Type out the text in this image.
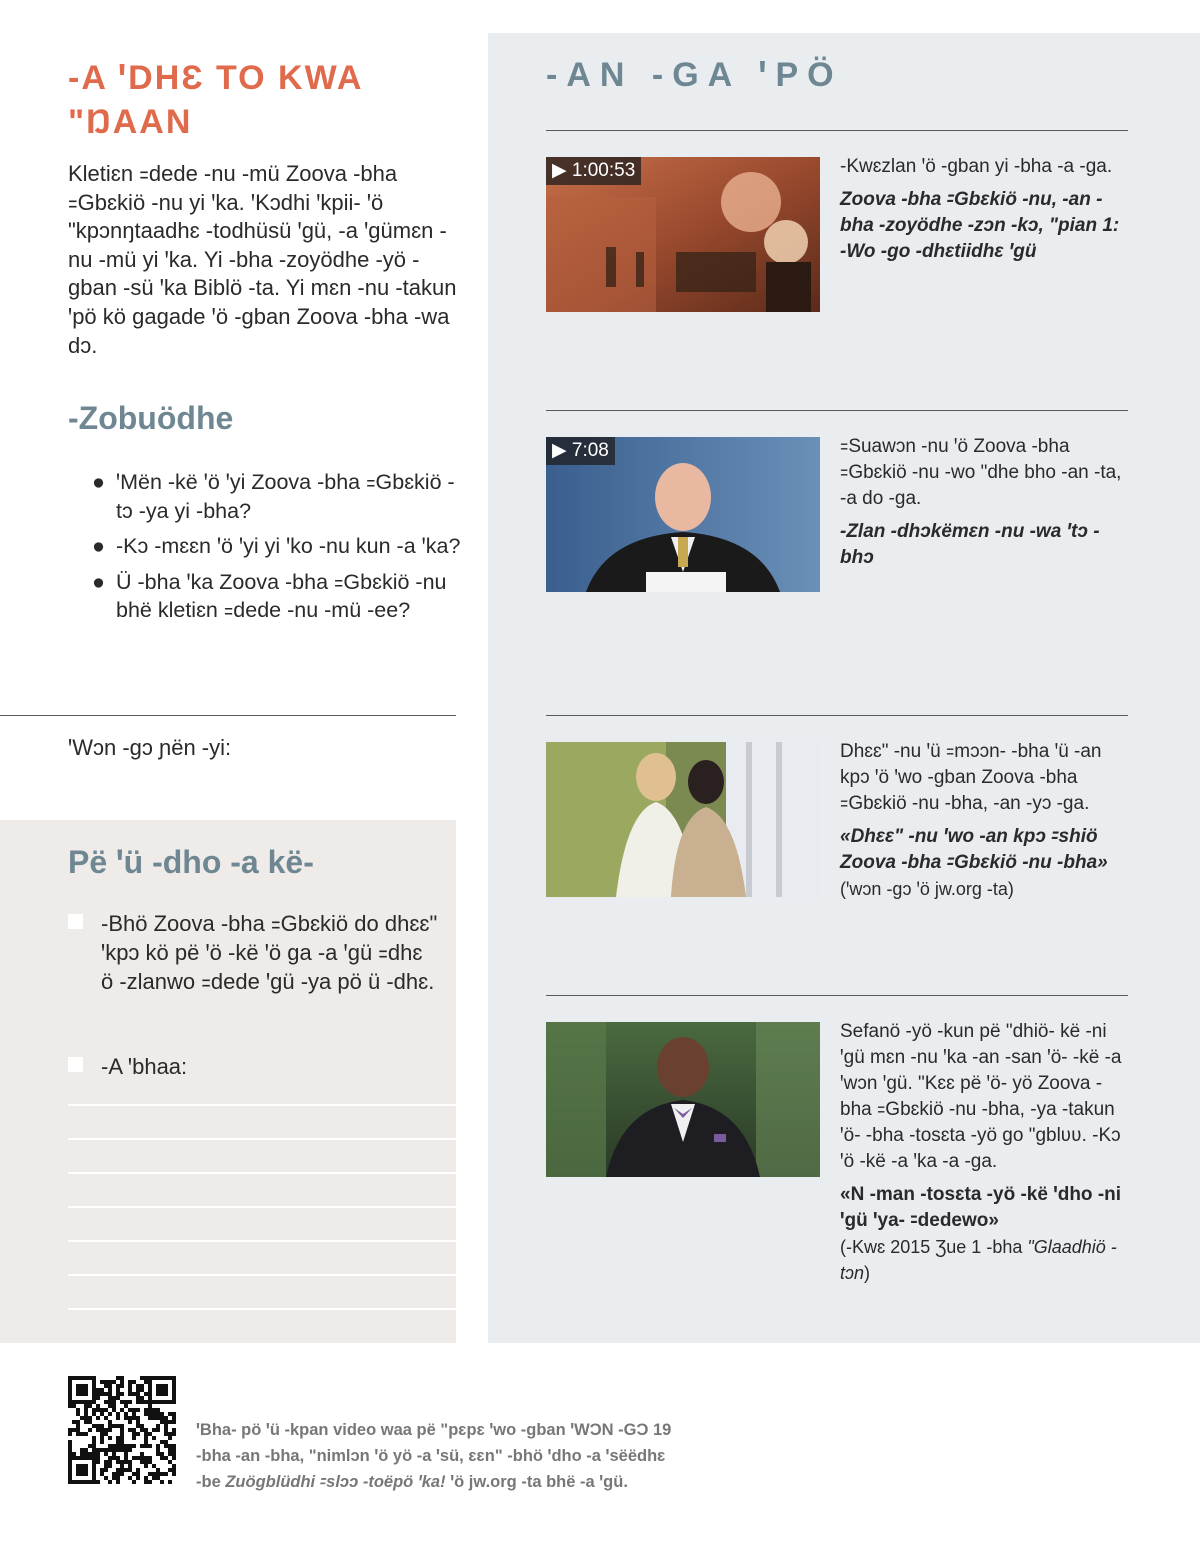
-A ꞌDHƐ TO KWA "ŊAAN

Kletiɛn ꞊dede -nu -mü Zoova -bha ꞊Gbɛkiö -nu yi ꞌka. ꞌKɔdhi ꞌkpii- ꞌö "kpɔnŋtaadhɛ -todhüsü ꞌgü, -a ꞌgümɛn -nu -mü yi ꞌka. Yi -bha -zoyödhe -yö -gban -sü ꞌka Biblö -ta. Yi mɛn -nu -takun ꞌpö kö gagade ꞌö -gban Zoova -bha -wa dɔ.

-Zobuödhe
● ꞌMën -kë ꞌö ꞌyi Zoova -bha ꞊Gbɛkiö -tɔ -ya yi -bha?
● -Kɔ -mɛɛn ꞌö ꞌyi yi ꞌko -nu kun -a ꞌka?
● Ü -bha ꞌka Zoova -bha ꞊Gbɛkiö -nu bhë kletiɛn ꞊dede -nu -mü -ee?

ꞌWɔn -gɔ ɲën -yi:

Pë ꞌü -dho -a kë-
-Bhö Zoova -bha ꞊Gbɛkiö do dhɛɛ" ꞌkpɔ kö pë ꞌö -kë ꞌö ga -a ꞌgü ꞊dhɛ ö -zlanwo ꞊dede ꞌgü -ya pö ü -dhɛ.
-A ꞌbhaa:
-AN -GA ꞌPÖ
▶ 1:00:53	-Kwɛzlan ꞌö -gban yi -bha -a -ga.

Zoova -bha ꞊Gbɛkiö -nu, -an -bha -zoyödhe -zɔn -kɔ, "pian 1: -Wo -go -dhɛtiidhɛ ꞌgü

▶ 7:08	꞊Suawɔn -nu ꞌö Zoova -bha ꞊Gbɛkiö -nu -wo "dhe bho -an -ta, -a do -ga.

-Zlan -dhɔkëmɛn -nu -wa ꞌtɔ -bhɔ

Dhɛɛ" -nu ꞌü ꞊mɔɔn- -bha ꞌü -an kpɔ ꞌö ꞌwo -gban Zoova -bha ꞊Gbɛkiö -nu -bha, -an -yɔ -ga.

«Dhɛɛ" -nu ꞌwo -an kpɔ ꞊shiö Zoova -bha ꞊Gbɛkiö -nu -bha»

(ꞌwɔn -gɔ ꞌö jw.org -ta)

Sefanö -yö -kun pë "dhiö- kë -ni ꞌgü mɛn -nu ꞌka -an -san ꞌö- -kë -a ꞌwɔn ꞌgü. "Kɛɛ pë ꞌö- yö Zoova -bha ꞊Gbɛkiö -nu -bha, -ya -takun ꞌö- -bha -tosɛta -yö go "gblʋʋ. -Kɔ ꞌö -kë -a ꞌka -a -ga.

«N -man -tosɛta -yö -kë ꞌdho -ni ꞌgü ꞌya- ꞊dedewo»

(-Kwɛ 2015 Ʒue 1 -bha "Glaadhiö -tɔn)

ꞌBha- pö ꞌü -kpan video waa pë "pɛpɛ ꞌwo -gban ꞌWƆN -GƆ 19
-bha -an -bha, "nimlɔn ꞌö yö -a ꞌsü, ɛɛn" -bhö ꞌdho -a ꞌsëëdhɛ
-be Zuögblüdhi ꞊slɔɔ -toëpö ꞌka! ꞌö jw.org -ta bhë -a ꞌgü.
